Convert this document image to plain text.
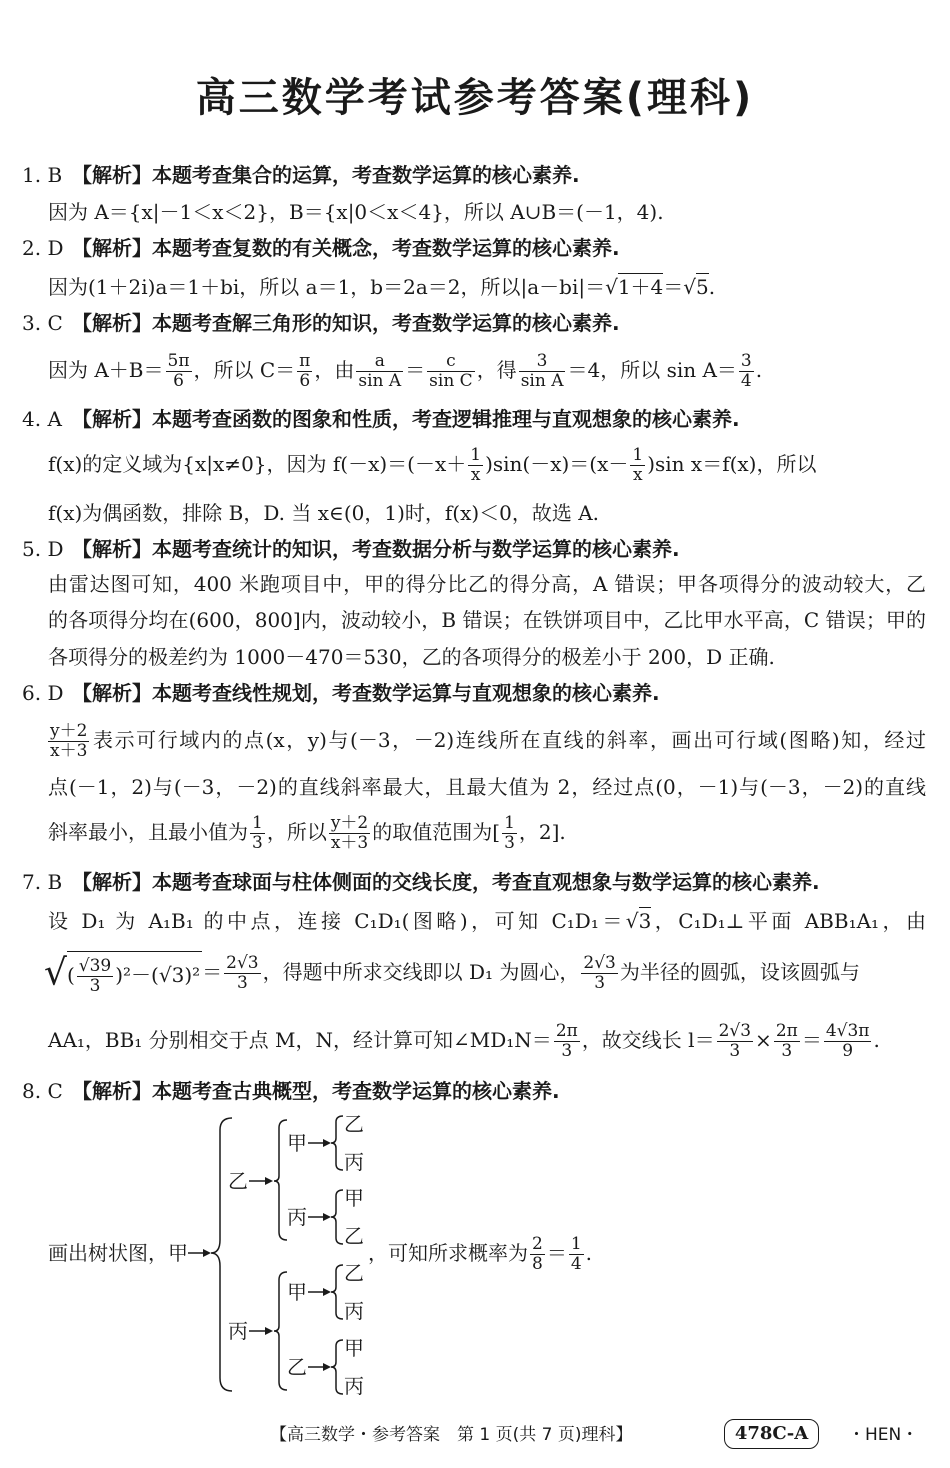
高三数学考试参考答案(理科)
1. B 【解析】本题考查集合的运算，考查数学运算的核心素养.
因为 A＝{x|－1＜x＜2}，B＝{x|0＜x＜4}，所以 A∪B＝(－1，4).
2. D 【解析】本题考查复数的有关概念，考查数学运算的核心素养.
因为(1＋2i)a＝1＋bi，所以 a＝1，b＝2a＝2，所以|a－bi|＝√1＋4＝√5.
3. C 【解析】本题考查解三角形的知识，考查数学运算的核心素养.
因为 $A+B= \frac{5\pi}{6}$ ，所以 $C= \frac{\pi}{6}$ ，由 $\frac{a}{\text{sin A}} = \frac{c}{\text{sin C}}$ ，得 $\frac{3}{\text{sin A}} =4$，所以 $\sin A= \frac{3}{4}$ .
4. A 【解析】本题考查函数的图象和性质，考查逻辑推理与直观想象的核心素养.
f(x)的定义域为{x|x≠0}，因为 $f(-x)=(-x+ \frac{1}{x} )\sin(-x)=(x- \frac{1}{x} )\sin$ x＝f(x)，所以
f(x)为偶函数，排除 B，D. 当 x∈(0，1)时，f(x)＜0，故选 A.
5. D 【解析】本题考查统计的知识，考查数据分析与数学运算的核心素养.
由雷达图可知，400 米跑项目中，甲的得分比乙的得分高，A 错误；甲各项得分的波动较大，乙
的各项得分均在(600，800]内，波动较小，B 错误；在铁饼项目中，乙比甲水平高，C 错误；甲的
各项得分的极差约为 1000－470＝530，乙的各项得分的极差小于 200，D 正确.
6. D 【解析】本题考查线性规划，考查数学运算与直观想象的核心素养.
$\frac{y+2}{x+3}$ 表示可行域内的点(x，y)与(－3，－2)连线所在直线的斜率，画出可行域(图略)知，经过
点(－1，2)与(－3，－2)的直线斜率最大，且最大值为 2，经过点(0，－1)与(－3，－2)的直线
斜率最小，且最小值为 $\frac{1}{3}$ ，所以 $\frac{y+2}{x+3}$ 的取值范围为[ $\frac{1}{3}$ ，2].
7. B 【解析】本题考查球面与柱体侧面的交线长度，考查直观想象与数学运算的核心素养.
设 D₁ 为 A₁B₁ 的中点，连接 C₁D₁(图略)，可知 C₁D₁＝√3，C₁D₁⊥平面 ABB₁A₁，由
√( $\frac{√39}{3} )^2-(√3)^2 = \frac{2√3}{3}$ ，得题中所求交线即以 D₁ 为圆心， $\frac{2√3}{3}$ 为半径的圆弧，设该圆弧与
AA₁，BB₁ 分别相交于点 M，N，经计算可知∠MD₁N＝ $\frac{2\pi}{3}$ ，故交线长 $l= \frac{2√3}{3} \times \frac{2\pi}{3} = \frac{4√3\pi}{9}$ .
8. C 【解析】本题考查古典概型，考查数学运算的核心素养.
画出树状图，甲
乙
丙
甲
丙
甲
乙
乙
丙
甲
乙
乙
丙
甲
丙
，可知所求概率为 $\frac{2}{8} = \frac{1}{4}$ .
【高三数学・参考答案　第 1 页(共 7 页)理科】	478C-A	・HEN・
